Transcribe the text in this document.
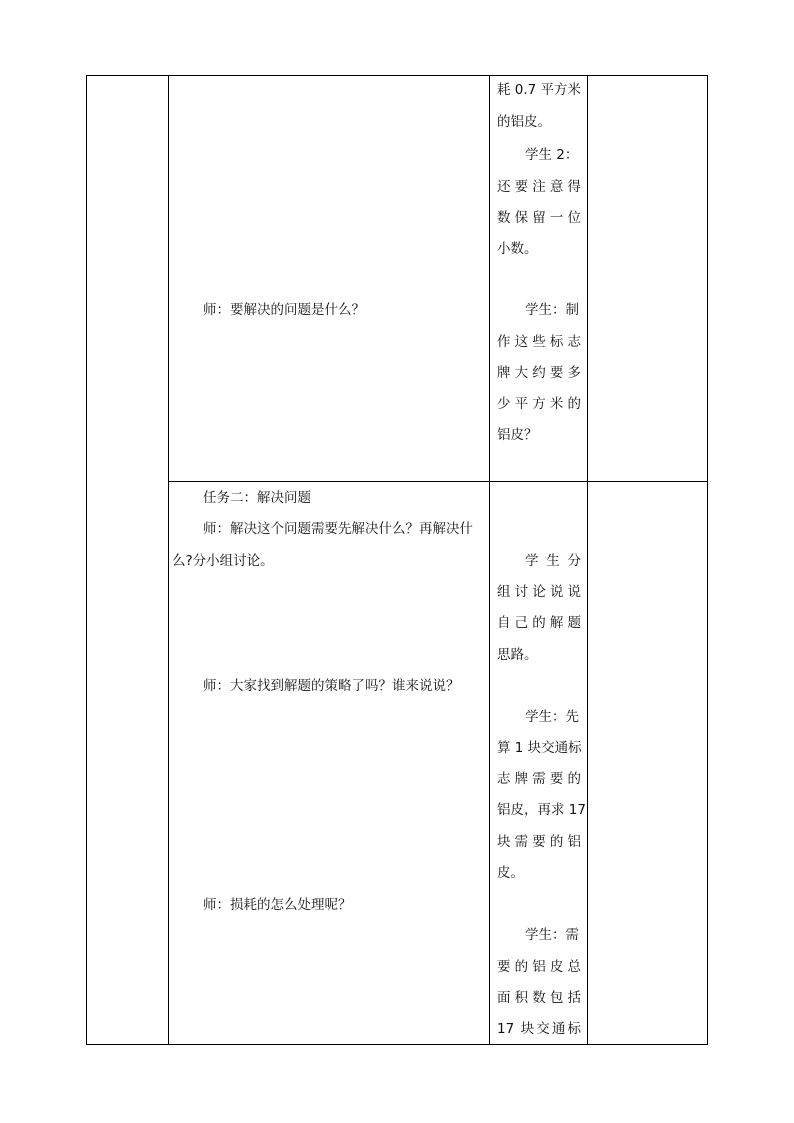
师：要解决的问题是什么？
耗 0.7 平方米
的铝皮。
学生 2：
还要注意得
数保留一位
小数。
学生：制
作这些标志
牌大约要多
少平方米的
铝皮？
任务二：解决问题
师：解决这个问题需要先解决什么？再解决什
么?分小组讨论。
师：大家找到解题的策略了吗？谁来说说？
师：损耗的怎么处理呢？
学生分
组讨论说说
自己的解题
思路。
学生：先
算 1 块交通标
志牌需要的
铝皮，再求 17
块需要的铝
皮。
学生：需
要的铝皮总
面积数包括
17 块交通标
